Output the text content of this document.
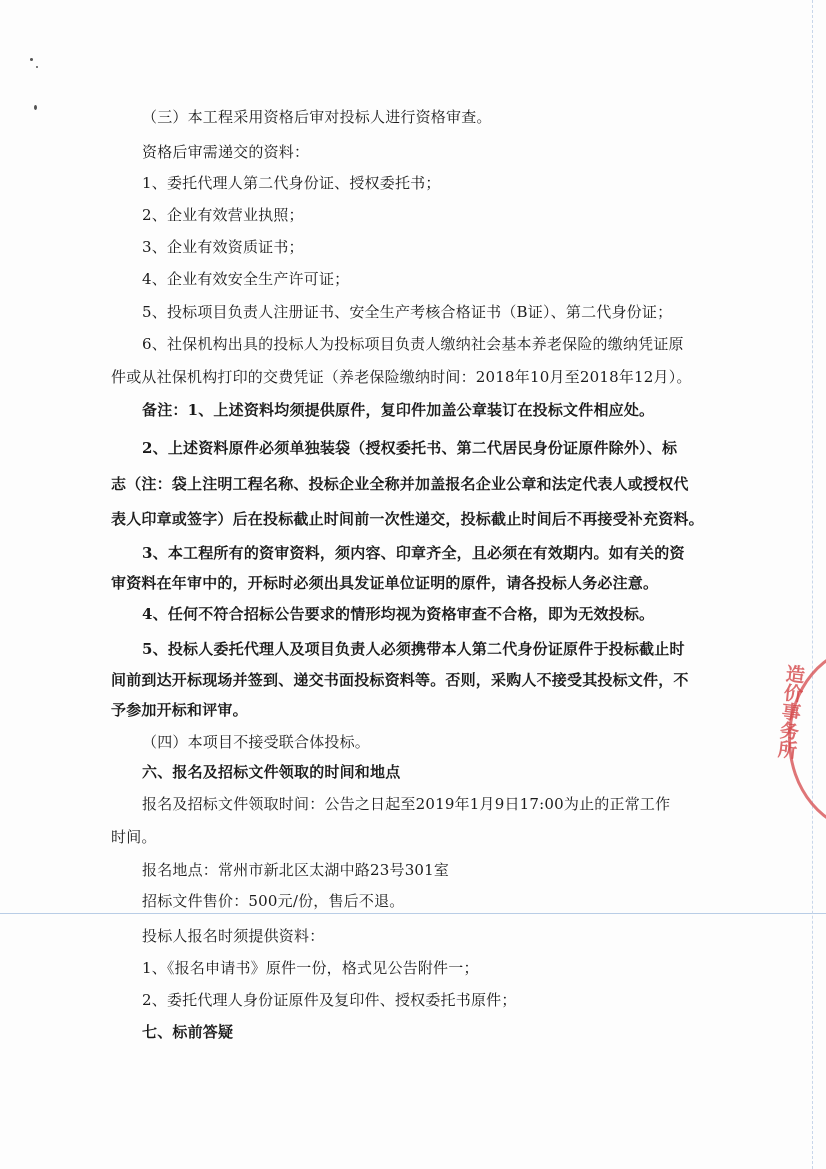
（三）本工程采用资格后审对投标人进行资格审查。
资格后审需递交的资料：
1、委托代理人第二代身份证、授权委托书；
2、企业有效营业执照；
3、企业有效资质证书；
4、企业有效安全生产许可证；
5、投标项目负责人注册证书、安全生产考核合格证书（B证）、第二代身份证；
6、社保机构出具的投标人为投标项目负责人缴纳社会基本养老保险的缴纳凭证原
件或从社保机构打印的交费凭证（养老保险缴纳时间：2018年10月至2018年12月）。
备注：1、上述资料均须提供原件，复印件加盖公章装订在投标文件相应处。
2、上述资料原件必须单独装袋（授权委托书、第二代居民身份证原件除外）、标
志（注：袋上注明工程名称、投标企业全称并加盖报名企业公章和法定代表人或授权代
表人印章或签字）后在投标截止时间前一次性递交，投标截止时间后不再接受补充资料。
3、本工程所有的资审资料，须内容、印章齐全，且必须在有效期内。如有关的资
审资料在年审中的，开标时必须出具发证单位证明的原件，请各投标人务必注意。
4、任何不符合招标公告要求的情形均视为资格审查不合格，即为无效投标。
5、投标人委托代理人及项目负责人必须携带本人第二代身份证原件于投标截止时
间前到达开标现场并签到、递交书面投标资料等。否则，采购人不接受其投标文件，不
予参加开标和评审。
（四）本项目不接受联合体投标。
六、报名及招标文件领取的时间和地点
报名及招标文件领取时间：公告之日起至2019年1月9日17:00为止的正常工作
时间。
报名地点：常州市新北区太湖中路23号301室
招标文件售价：500元/份，售后不退。
投标人报名时须提供资料：
1、《报名申请书》原件一份，格式见公告附件一；
2、委托代理人身份证原件及复印件、授权委托书原件；
七、标前答疑
造价事务所
